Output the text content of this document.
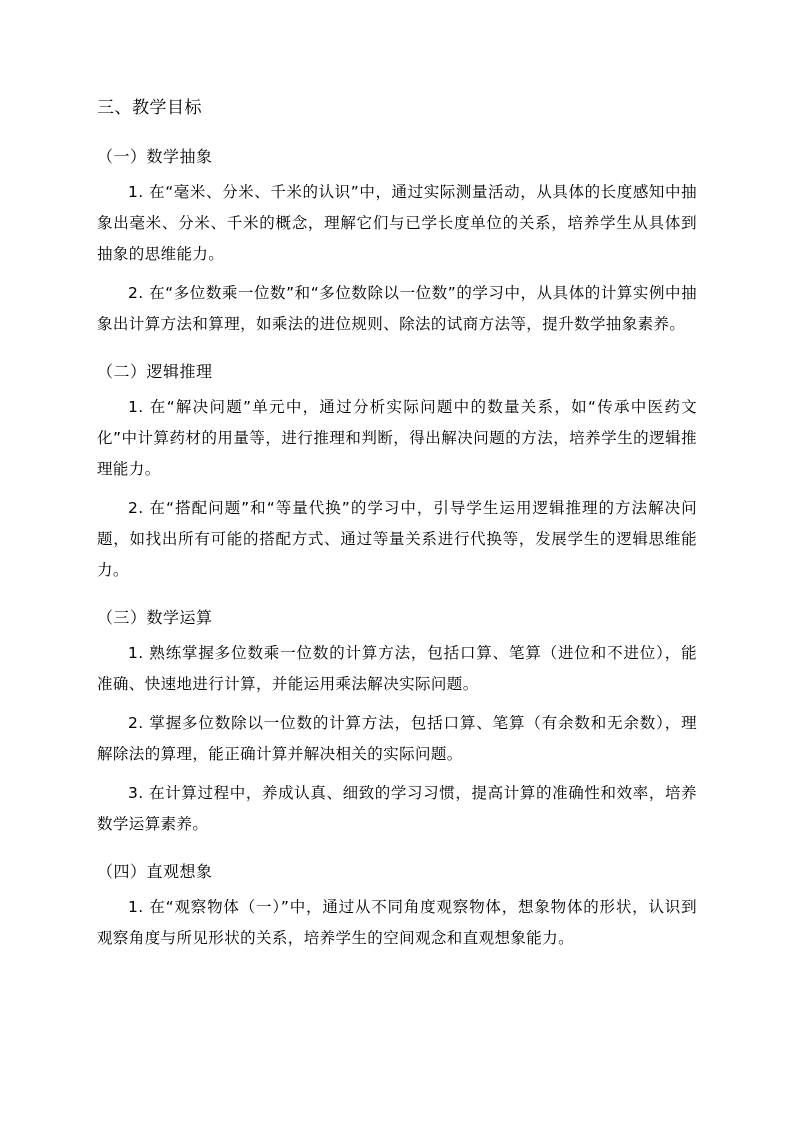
三、教学目标
（一）数学抽象

1. 在“毫米、分米、千米的认识”中，通过实际测量活动，从具体的长度感知中抽象出毫米、分米、千米的概念，理解它们与已学长度单位的关系，培养学生从具体到抽象的思维能力。

2. 在“多位数乘一位数”和“多位数除以一位数”的学习中，从具体的计算实例中抽象出计算方法和算理，如乘法的进位规则、除法的试商方法等，提升数学抽象素养。

（二）逻辑推理

1. 在“解决问题”单元中，通过分析实际问题中的数量关系，如“传承中医药文化”中计算药材的用量等，进行推理和判断，得出解决问题的方法，培养学生的逻辑推理能力。

2. 在“搭配问题”和“等量代换”的学习中，引导学生运用逻辑推理的方法解决问题，如找出所有可能的搭配方式、通过等量关系进行代换等，发展学生的逻辑思维能力。

（三）数学运算

1. 熟练掌握多位数乘一位数的计算方法，包括口算、笔算（进位和不进位），能准确、快速地进行计算，并能运用乘法解决实际问题。

2. 掌握多位数除以一位数的计算方法，包括口算、笔算（有余数和无余数），理解除法的算理，能正确计算并解决相关的实际问题。

3. 在计算过程中，养成认真、细致的学习习惯，提高计算的准确性和效率，培养数学运算素养。

（四）直观想象

1. 在“观察物体（一）”中，通过从不同角度观察物体，想象物体的形状，认识到观察角度与所见形状的关系，培养学生的空间观念和直观想象能力。
